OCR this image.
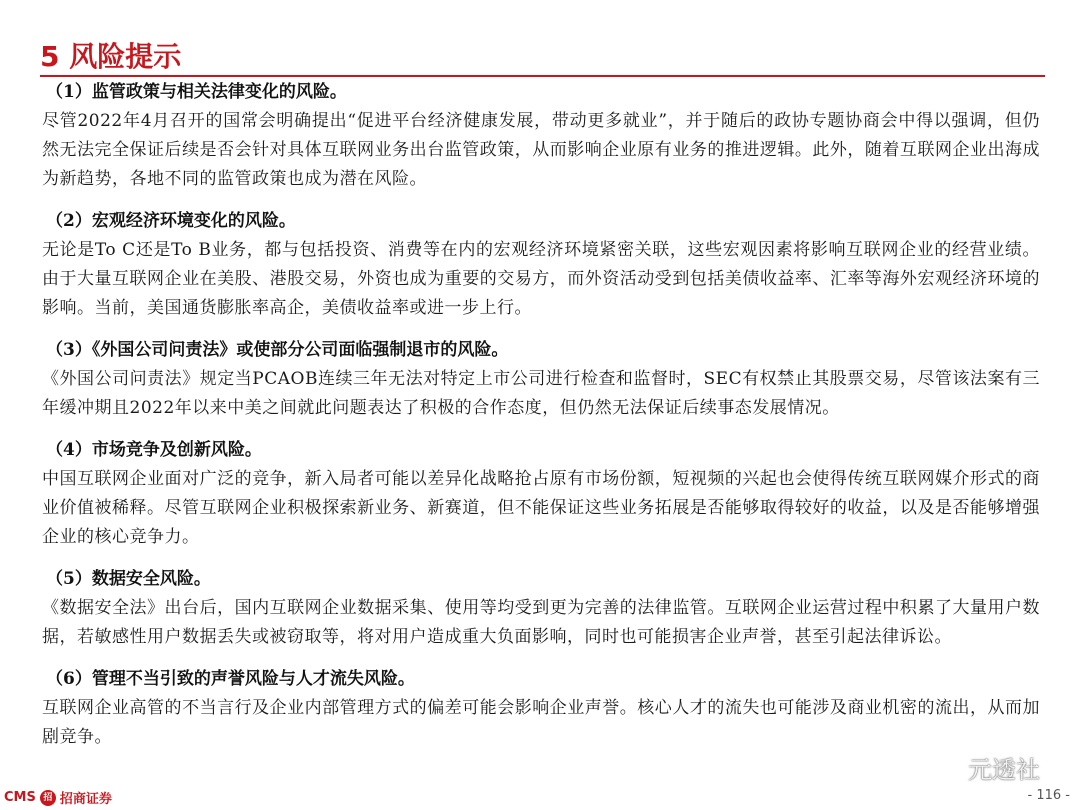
5 风险提示

（1）监管政策与相关法律变化的风险。

尽管2022年4月召开的国常会明确提出“促进平台经济健康发展，带动更多就业”，并于随后的政协专题协商会中得以强调，但仍然无法完全保证后续是否会针对具体互联网业务出台监管政策，从而影响企业原有业务的推进逻辑。此外，随着互联网企业出海成为新趋势，各地不同的监管政策也成为潜在风险。

（2）宏观经济环境变化的风险。

无论是To C还是To B业务，都与包括投资、消费等在内的宏观经济环境紧密关联，这些宏观因素将影响互联网企业的经营业绩。由于大量互联网企业在美股、港股交易，外资也成为重要的交易方，而外资活动受到包括美债收益率、汇率等海外宏观经济环境的影响。当前，美国通货膨胀率高企，美债收益率或进一步上行。

（3）《外国公司问责法》或使部分公司面临强制退市的风险。

《外国公司问责法》规定当PCAOB连续三年无法对特定上市公司进行检查和监督时，SEC有权禁止其股票交易，尽管该法案有三年缓冲期且2022年以来中美之间就此问题表达了积极的合作态度，但仍然无法保证后续事态发展情况。

（4）市场竞争及创新风险。

中国互联网企业面对广泛的竞争，新入局者可能以差异化战略抢占原有市场份额，短视频的兴起也会使得传统互联网媒介形式的商业价值被稀释。尽管互联网企业积极探索新业务、新赛道，但不能保证这些业务拓展是否能够取得较好的收益，以及是否能够增强企业的核心竞争力。

（5）数据安全风险。

《数据安全法》出台后，国内互联网企业数据采集、使用等均受到更为完善的法律监管。互联网企业运营过程中积累了大量用户数据，若敏感性用户数据丢失或被窃取等，将对用户造成重大负面影响，同时也可能损害企业声誉，甚至引起法律诉讼。

（6）管理不当引致的声誉风险与人才流失风险。

互联网企业高管的不当言行及企业内部管理方式的偏差可能会影响企业声誉。核心人才的流失也可能涉及商业机密的流出，从而加剧竞争。

元透社
CMS 招 招商证券	- 116 -
